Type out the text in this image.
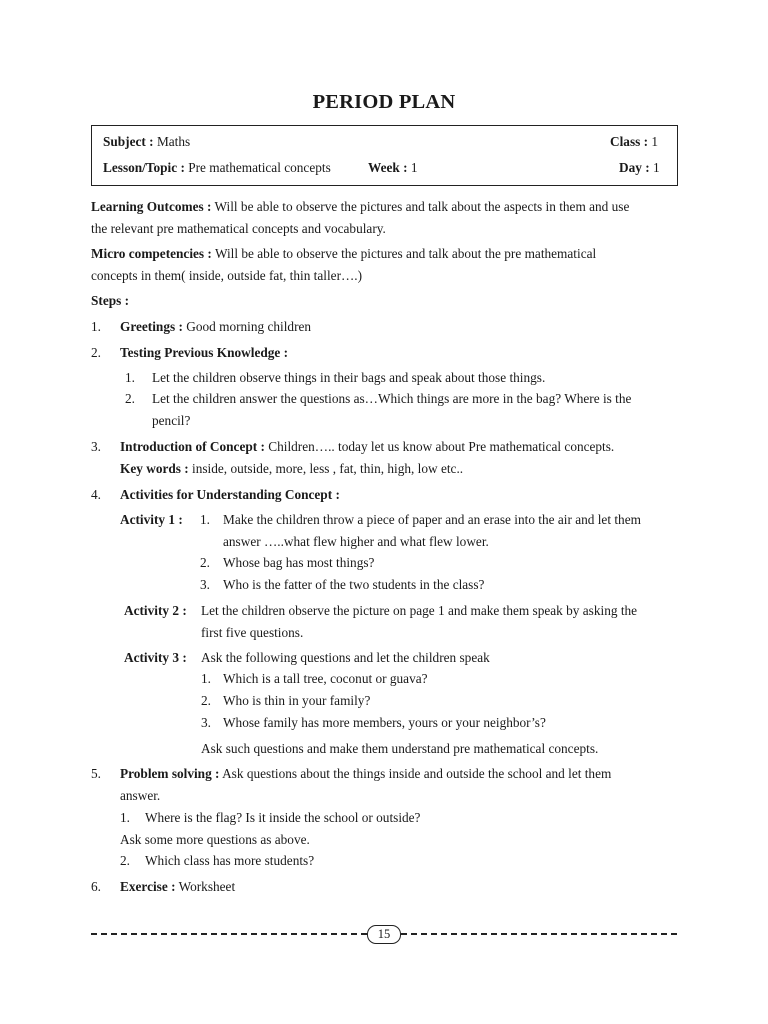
PERIOD PLAN
Subject : Maths	Class : 1
Lesson/Topic : Pre mathematical concepts	Week : 1	Day : 1
Learning Outcomes : Will be able to observe the pictures and talk about the aspects in them and use
the relevant pre mathematical concepts and vocabulary.
Micro competencies : Will be able to observe the pictures and talk about the pre mathematical
concepts in them( inside, outside fat, thin taller….)
Steps :
1. Greetings : Good morning children
2. Testing Previous Knowledge :
1. Let the children observe things in their bags and speak about those things.
2. Let the children answer the questions as…Which things are more in the bag? Where is the
pencil?
3. Introduction of Concept : Children….. today let us know about Pre mathematical concepts.
Key words : inside, outside, more, less , fat, thin, high, low etc..
4. Activities for Understanding Concept :
Activity 1 : 1. Make the children throw a piece of paper and an erase into the air and let them
answer …..what flew higher and what flew lower.
2. Whose bag has most things?
3. Who is the fatter of the two students in the class?
Activity 2 : Let the children observe the picture on page 1 and make them speak by asking the
first five questions.
Activity 3 : Ask the following questions and let the children speak
1. Which is a tall tree, coconut or guava?
2. Who is thin in your family?
3. Whose family has more members, yours or your neighbor’s?
Ask such questions and make them understand pre mathematical concepts.
5. Problem solving : Ask questions about the things inside and outside the school and let them
answer.
1. Where is the flag? Is it inside the school or outside?
Ask some more questions as above.
2. Which class has more students?
6. Exercise : Worksheet
15
